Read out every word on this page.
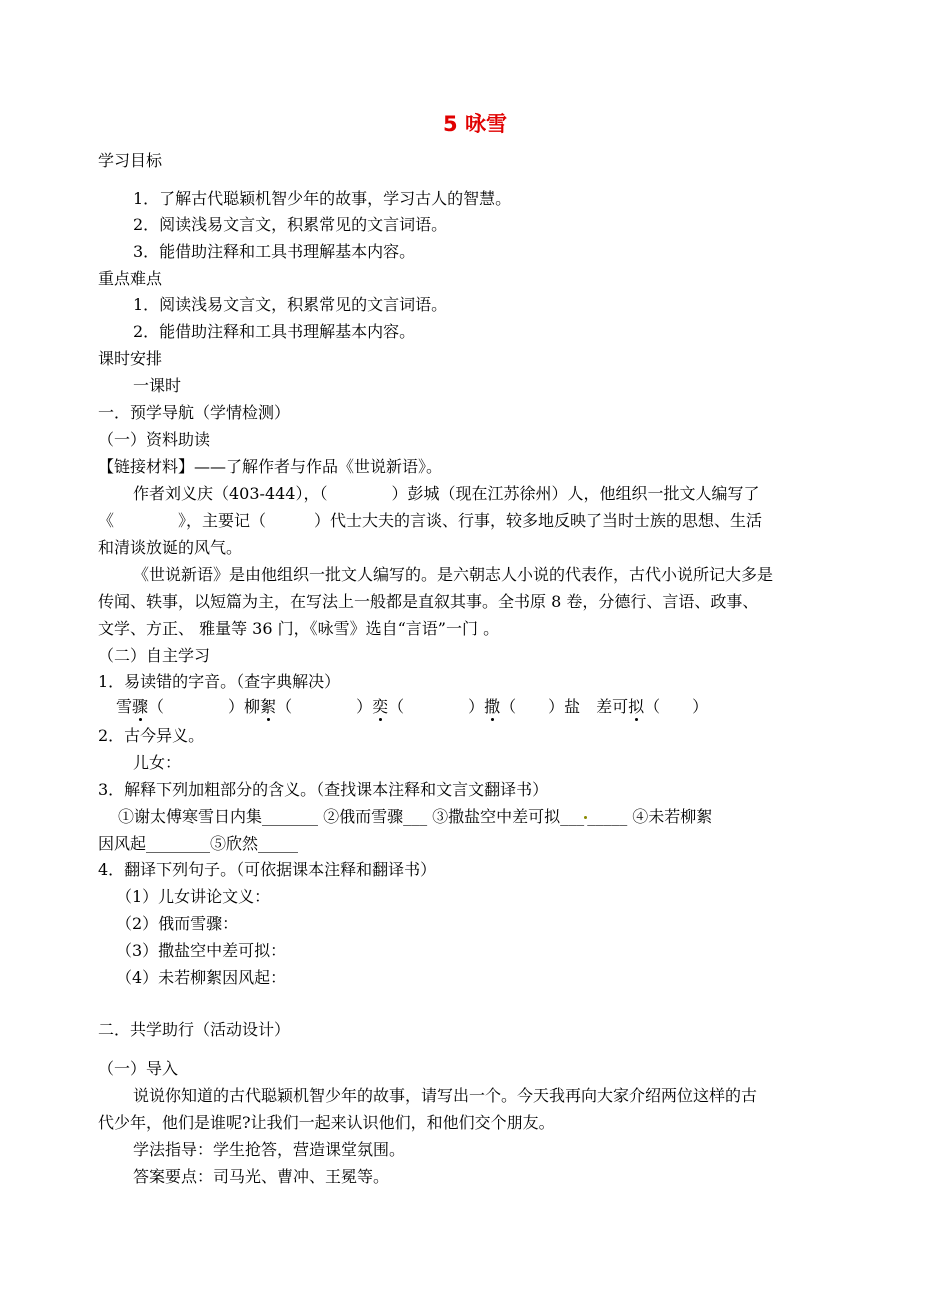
5 咏雪
学习目标
1．了解古代聪颖机智少年的故事，学习古人的智慧。
2．阅读浅易文言文，积累常见的文言词语。
3．能借助注释和工具书理解基本内容。
重点难点
1．阅读浅易文言文，积累常见的文言词语。
2．能借助注释和工具书理解基本内容。
课时安排
一课时
一．预学导航（学情检测）
（一）资料助读
【链接材料】——了解作者与作品《世说新语》。
作者刘义庆（403-444），（　　　　）彭城（现在江苏徐州）人，他组织一批文人编写了
《　　　　》，主要记（　　　）代士大夫的言谈、行事，较多地反映了当时士族的思想、生活
和清谈放诞的风气。
《世说新语》是由他组织一批文人编写的。是六朝志人小说的代表作，古代小说所记大多是
传闻、轶事，以短篇为主，在写法上一般都是直叙其事。全书原 8 卷，分德行、言语、政事、
文学、方正、 雅量等 36 门，《咏雪》选自“言语”一门 。
（二）自主学习
1．易读错的字音。（查字典解决）
雪骤（　　　　）柳絮（　　　　）奕（　　　　）撒（　　）盐　差可拟（　　）
2．古今异义。
儿女：
3．解释下列加粗部分的含义。（查找课本注释和文言文翻译书）
①谢太傅寒雪日内集_______ ②俄而雪骤___ ③撒盐空中差可拟___ _____ ④未若柳絮
因风起________⑤欣然_____
4．翻译下列句子。（可依据课本注释和翻译书）
（1）儿女讲论文义：
（2）俄而雪骤：
（3）撒盐空中差可拟：
（4）未若柳絮因风起：
二．共学助行（活动设计）
（一）导入
说说你知道的古代聪颖机智少年的故事，请写出一个。今天我再向大家介绍两位这样的古
代少年，他们是谁呢?让我们一起来认识他们，和他们交个朋友。
学法指导：学生抢答，营造课堂氛围。
答案要点：司马光、曹冲、王冕等。
